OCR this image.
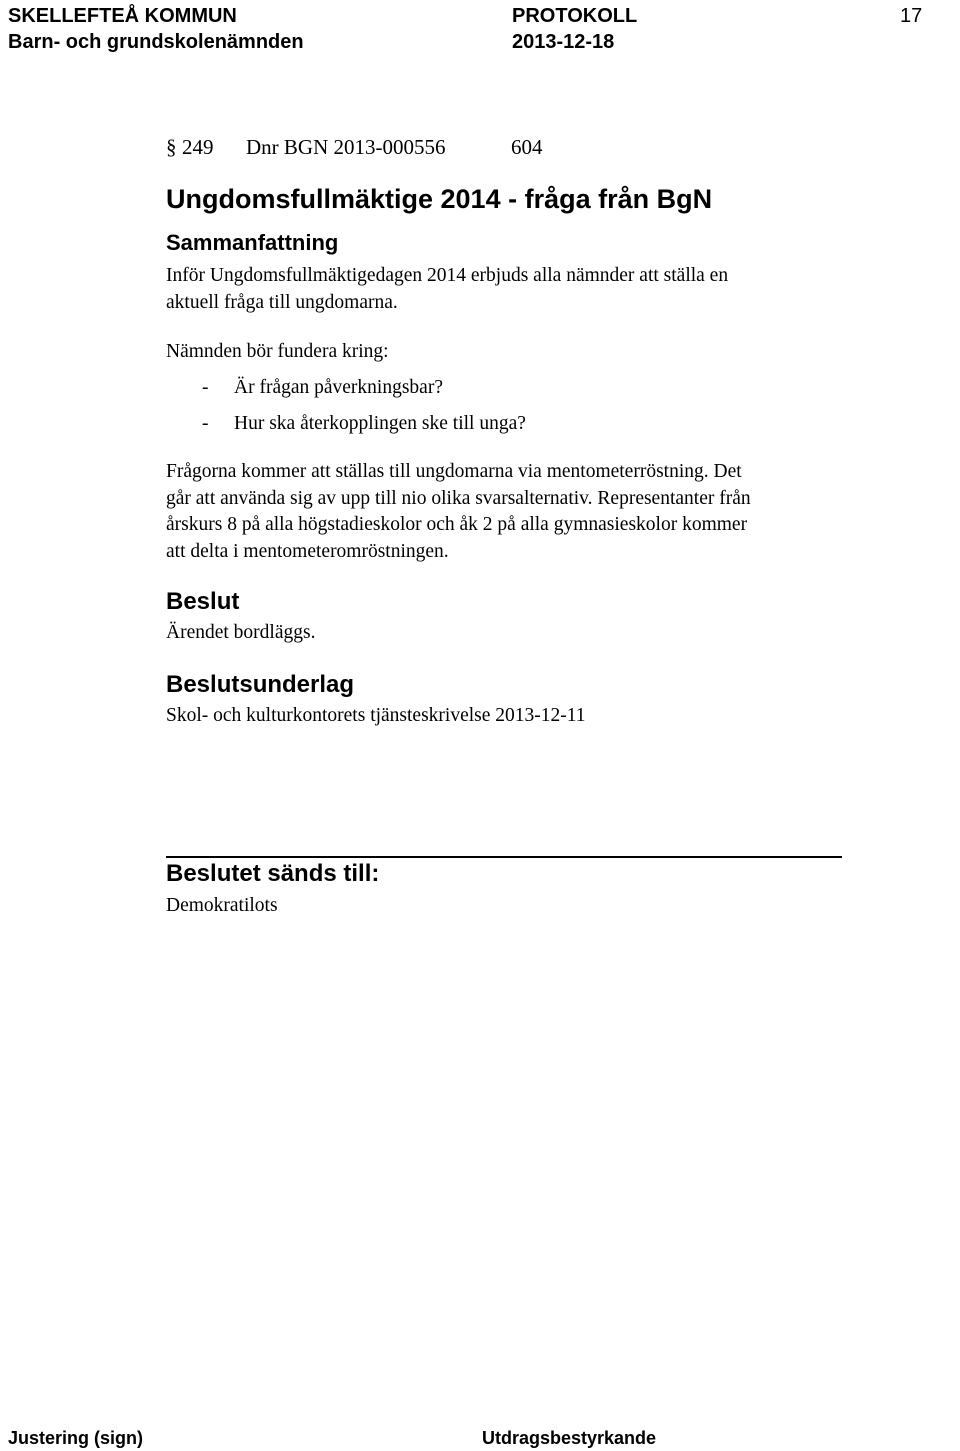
SKELLEFTEÅ KOMMUN	PROTOKOLL	17
Barn- och grundskolenämnden	2013-12-18
§ 249 Dnr BGN 2013-000556	604
Ungdomsfullmäktige 2014 - fråga från BgN
Sammanfattning
Inför Ungdomsfullmäktigedagen 2014 erbjuds alla nämnder att ställa en
aktuell fråga till ungdomarna.
Nämnden bör fundera kring:
- Är frågan påverkningsbar?
- Hur ska återkopplingen ske till unga?
Frågorna kommer att ställas till ungdomarna via mentometerröstning. Det
går att använda sig av upp till nio olika svarsalternativ. Representanter från
årskurs 8 på alla högstadieskolor och åk 2 på alla gymnasieskolor kommer
att delta i mentometeromröstningen.
Beslut
Ärendet bordläggs.
Beslutsunderlag
Skol- och kulturkontorets tjänsteskrivelse 2013-12-11
Beslutet sänds till:
Demokratilots
Justering (sign)	Utdragsbestyrkande
